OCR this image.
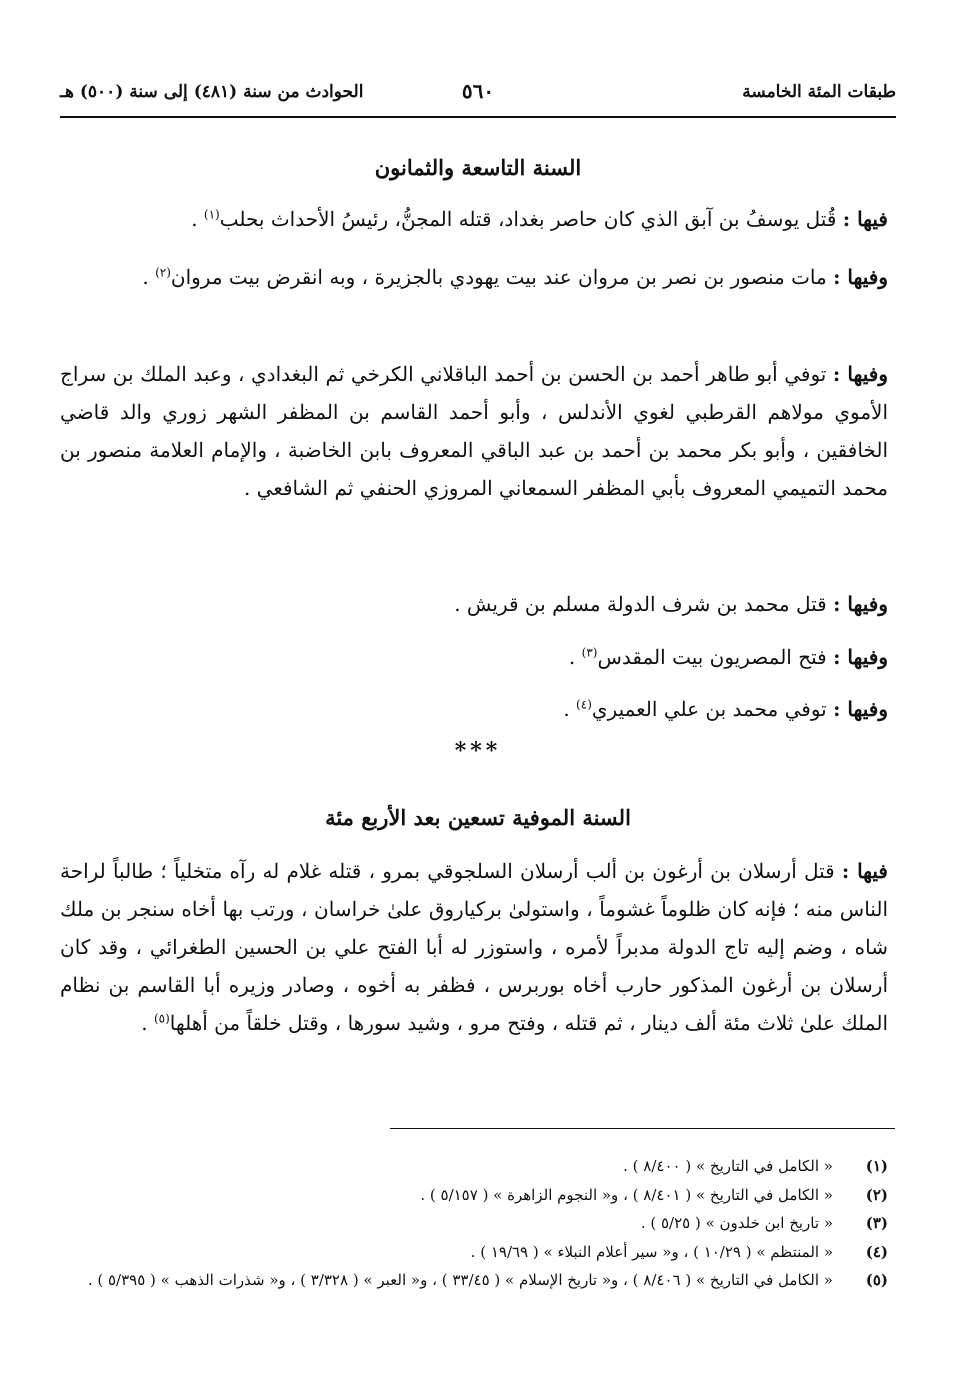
طبقات المئة الخامسة
٥٦٠
الحوادث من سنة (٤٨١) إلى سنة (٥٠٠) هـ
السنة التاسعة والثمانون
فيها : قُتل يوسفُ بن آبق الذي كان حاصر بغداد، قتله المجنُّ، رئيسُ الأحداث بحلب$^{(١)}$ .
وفيها : مات منصور بن نصر بن مروان عند بيت يهودي بالجزيرة ، وبه انقرض بيت مروان$^{(٢)}$ .
وفيها : توفي أبو طاهر أحمد بن الحسن بن أحمد الباقلاني الكرخي ثم البغدادي ، وعبد الملك بن سراج الأموي مولاهم القرطبي لغوي الأندلس ، وأبو أحمد القاسم بن المظفر الشهر زوري والد قاضي الخافقين ، وأبو بكر محمد بن أحمد بن عبد الباقي المعروف بابن الخاضبة ، والإمام العلامة منصور بن محمد التميمي المعروف بأبي المظفر السمعاني المروزي الحنفي ثم الشافعي .
وفيها : قتل محمد بن شرف الدولة مسلم بن قريش .
وفيها : فتح المصريون بيت المقدس$^{(٣)}$ .
وفيها : توفي محمد بن علي العميري$^{(٤)}$ .
***
السنة الموفية تسعين بعد الأربع مئة
فيها : قتل أرسلان بن أرغون بن ألب أرسلان السلجوقي بمرو ، قتله غلام له رآه متخلياً ؛ طالباً لراحة الناس منه ؛ فإنه كان ظلوماً غشوماً ، واستولىٰ بركياروق علىٰ خراسان ، ورتب بها أخاه سنجر بن ملك شاه ، وضم إليه تاج الدولة مدبراً لأمره ، واستوزر له أبا الفتح علي بن الحسين الطغرائي ، وقد كان أرسلان بن أرغون المذكور حارب أخاه بوربرس ، فظفر به أخوه ، وصادر وزيره أبا القاسم بن نظام الملك علىٰ ثلاث مئة ألف دينار ، ثم قتله ، وفتح مرو ، وشيد سورها ، وقتل خلقاً من أهلها$^{(٥)}$ .
(١)
« الكامل في التاريخ » ( ٨/٤٠٠ ) .
(٢)
« الكامل في التاريخ » ( ٨/٤٠١ ) ، و« النجوم الزاهرة » ( ٥/١٥٧ ) .
(٣)
« تاريخ ابن خلدون » ( ٥/٢٥ ) .
(٤)
« المنتظم » ( ١٠/٢٩ ) ، و« سير أعلام النبلاء » ( ١٩/٦٩ ) .
(٥)
« الكامل في التاريخ » ( ٨/٤٠٦ ) ، و« تاريخ الإسلام » ( ٣٣/٤٥ ) ، و« العبر » ( ٣/٣٢٨ ) ، و« شذرات الذهب » ( ٥/٣٩٥ ) .
